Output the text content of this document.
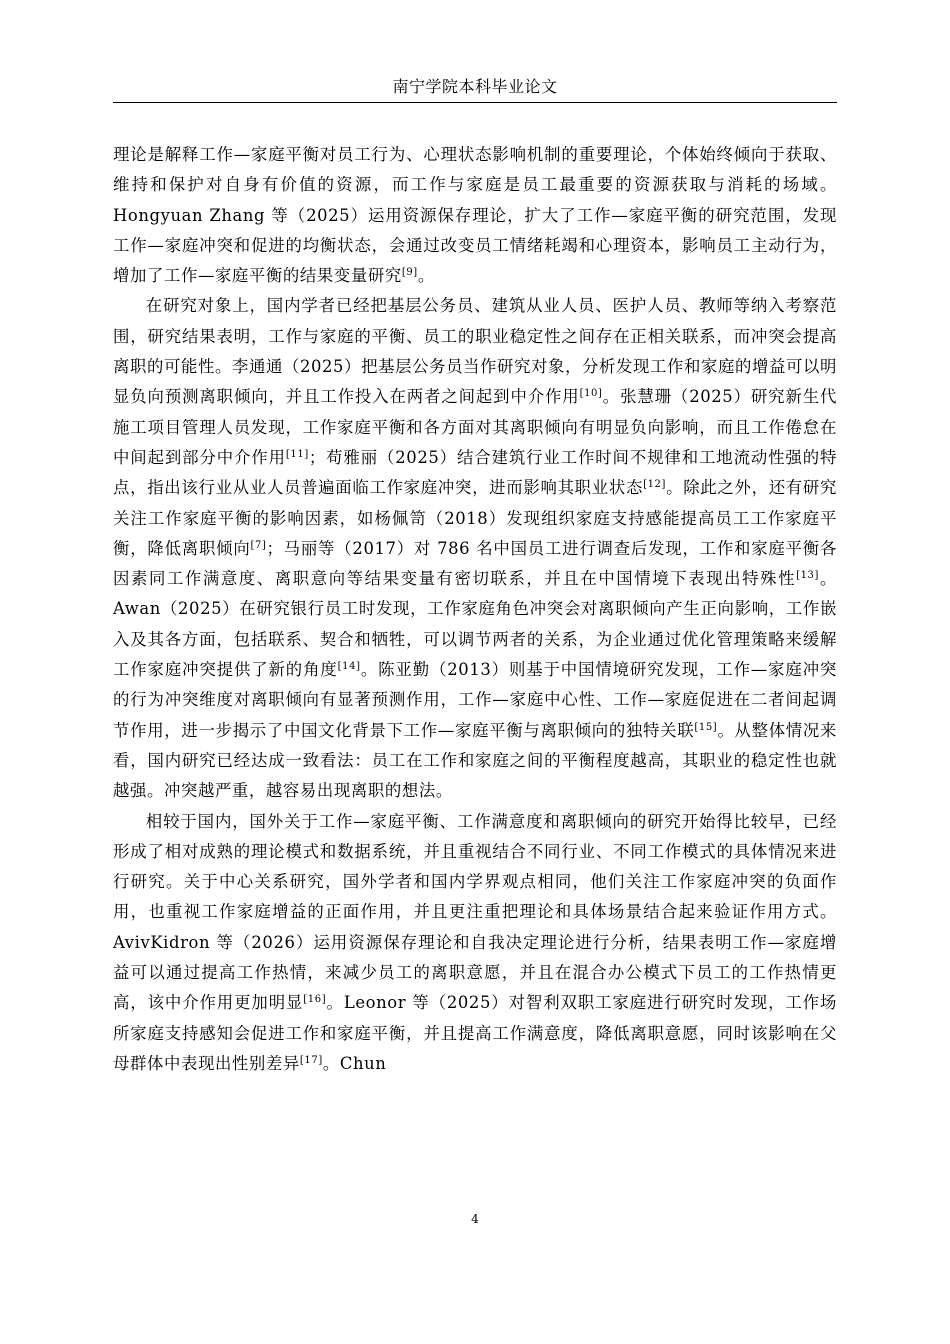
南宁学院本科毕业论文

理论是解释工作—家庭平衡对员工行为、心理状态影响机制的重要理论，个体始终倾向于获取、维持和保护对自身有价值的资源，而工作与家庭是员工最重要的资源获取与消耗的场域。Hongyuan Zhang 等（2025）运用资源保存理论，扩大了工作—家庭平衡的研究范围，发现工作—家庭冲突和促进的均衡状态，会通过改变员工情绪耗竭和心理资本，影响员工主动行为，增加了工作—家庭平衡的结果变量研究[9]。

在研究对象上，国内学者已经把基层公务员、建筑从业人员、医护人员、教师等纳入考察范围，研究结果表明，工作与家庭的平衡、员工的职业稳定性之间存在正相关联系，而冲突会提高离职的可能性。李通通（2025）把基层公务员当作研究对象，分析发现工作和家庭的增益可以明显负向预测离职倾向，并且工作投入在两者之间起到中介作用[10]。张慧珊（2025）研究新生代施工项目管理人员发现，工作家庭平衡和各方面对其离职倾向有明显负向影响，而且工作倦怠在中间起到部分中介作用[11]；苟雅丽（2025）结合建筑行业工作时间不规律和工地流动性强的特点，指出该行业从业人员普遍面临工作家庭冲突，进而影响其职业状态[12]。除此之外，还有研究关注工作家庭平衡的影响因素，如杨佩笥（2018）发现组织家庭支持感能提高员工工作家庭平衡，降低离职倾向[7]；马丽等（2017）对 786 名中国员工进行调查后发现，工作和家庭平衡各因素同工作满意度、离职意向等结果变量有密切联系，并且在中国情境下表现出特殊性[13]。Awan（2025）在研究银行员工时发现，工作家庭角色冲突会对离职倾向产生正向影响，工作嵌入及其各方面，包括联系、契合和牺牲，可以调节两者的关系，为企业通过优化管理策略来缓解工作家庭冲突提供了新的角度[14]。陈亚勤（2013）则基于中国情境研究发现，工作—家庭冲突的行为冲突维度对离职倾向有显著预测作用，工作—家庭中心性、工作—家庭促进在二者间起调节作用，进一步揭示了中国文化背景下工作—家庭平衡与离职倾向的独特关联[15]。从整体情况来看，国内研究已经达成一致看法：员工在工作和家庭之间的平衡程度越高，其职业的稳定性也就越强。冲突越严重，越容易出现离职的想法。

相较于国内，国外关于工作—家庭平衡、工作满意度和离职倾向的研究开始得比较早，已经形成了相对成熟的理论模式和数据系统，并且重视结合不同行业、不同工作模式的具体情况来进行研究。关于中心关系研究，国外学者和国内学界观点相同，他们关注工作家庭冲突的负面作用，也重视工作家庭增益的正面作用，并且更注重把理论和具体场景结合起来验证作用方式。AvivKidron 等（2026）运用资源保存理论和自我决定理论进行分析，结果表明工作—家庭增益可以通过提高工作热情，来减少员工的离职意愿，并且在混合办公模式下员工的工作热情更高，该中介作用更加明显[16]。Leonor 等（2025）对智利双职工家庭进行研究时发现，工作场所家庭支持感知会促进工作和家庭平衡，并且提高工作满意度，降低离职意愿，同时该影响在父母群体中表现出性别差异[17]。Chun

4
